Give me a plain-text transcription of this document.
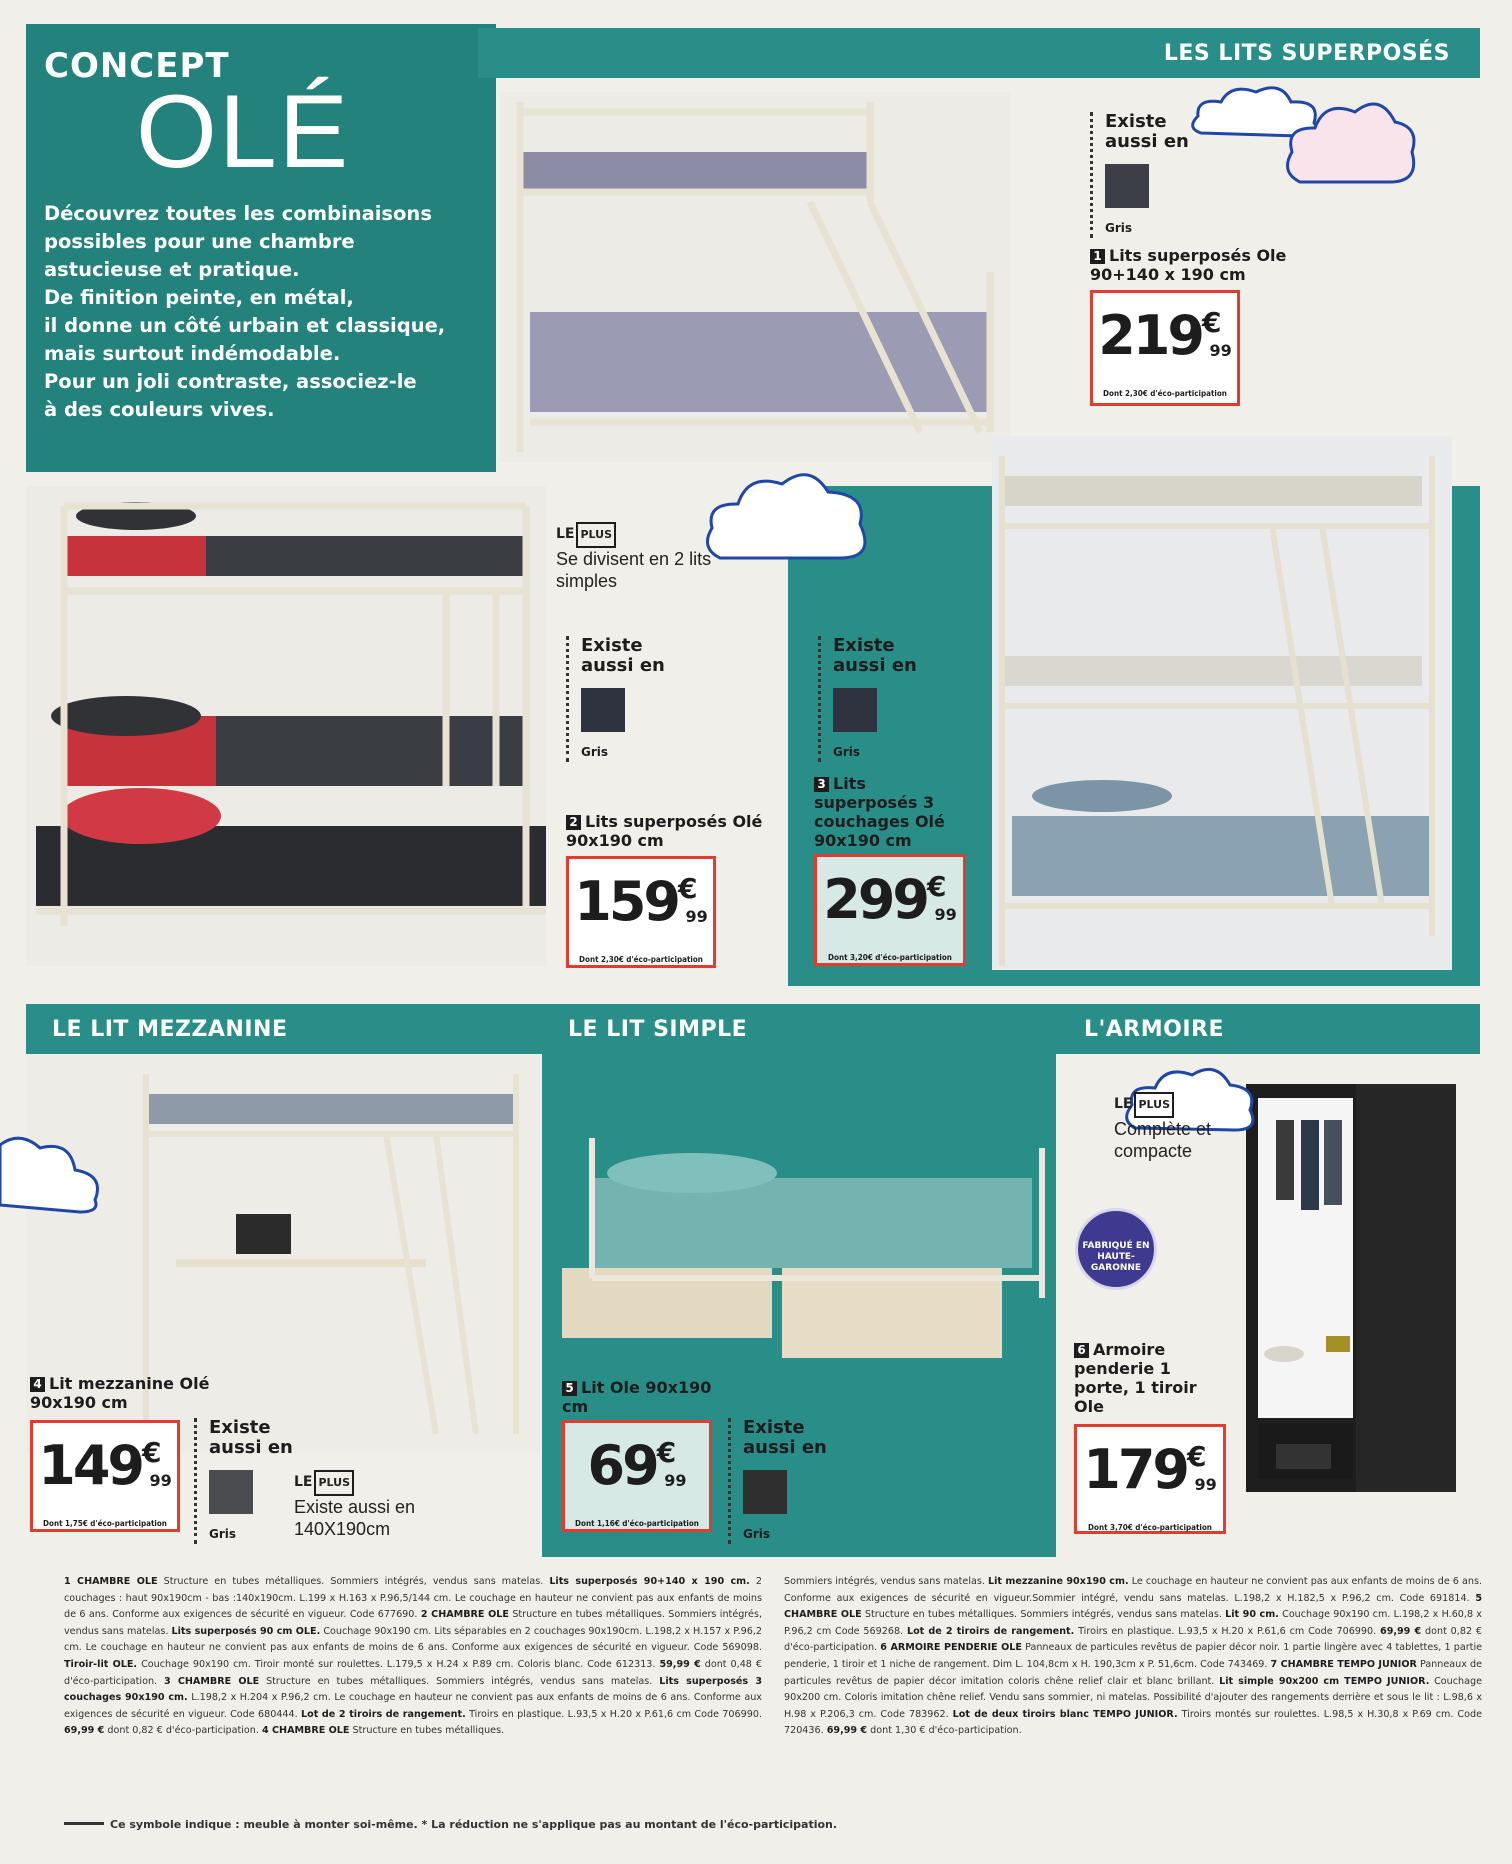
CONCEPT
OLÉ
Découvrez toutes les combinaisons
possibles pour une chambre
astucieuse et pratique.
De finition peinte, en métal,
il donne un côté urbain et classique,
mais surtout indémodable.
Pour un joli contraste, associez-le
à des couleurs vives.
LES LITS SUPERPOSÉS
LE LIT MEZZANINE	LE LIT SIMPLE	L'ARMOIRE
Existe aussi en
Gris
1 Lits superposés Ole 90+140 x 190 cm
219€99
Dont 2,30€ d'éco-participation
LE PLUS
Se divisent en 2 lits simples
Existe aussi en
Gris
2 Lits superposés Olé 90x190 cm
159€99
Dont 2,30€ d'éco-participation
Existe aussi en
Gris
3 Lits superposés 3 couchages Olé 90x190 cm
299€99
Dont 3,20€ d'éco-participation
4 Lit mezzanine Olé 90x190 cm
149€99
Dont 1,75€ d'éco-participation
Existe aussi en
Gris
LE PLUS
Existe aussi en 140X190cm
5 Lit Ole 90x190 cm
69€99
Dont 1,16€ d'éco-participation
Existe aussi en
Gris
LE PLUS
Complète et compacte
FABRIQUÉ EN HAUTE-GARONNE
6 Armoire penderie 1 porte, 1 tiroir Ole
179€99
Dont 3,70€ d'éco-participation
1 CHAMBRE OLE Structure en tubes métalliques. Sommiers intégrés, vendus sans matelas. Lits superposés 90+140 x 190 cm. 2 couchages : haut 90x190cm - bas :140x190cm. L.199 x H.163 x P.96,5/144 cm. Le couchage en hauteur ne convient pas aux enfants de moins de 6 ans. Conforme aux exigences de sécurité en vigueur. Code 677690. 2 CHAMBRE OLE Structure en tubes métalliques. Sommiers intégrés, vendus sans matelas. Lits superposés 90 cm OLE. Couchage 90x190 cm. Lits séparables en 2 couchages 90x190cm. L.198,2 x H.157 x P.96,2 cm. Le couchage en hauteur ne convient pas aux enfants de moins de 6 ans. Conforme aux exigences de sécurité en vigueur. Code 569098. Tiroir-lit OLE. Couchage 90x190 cm. Tiroir monté sur roulettes. L.179,5 x H.24 x P.89 cm. Coloris blanc. Code 612313. 59,99 € dont 0,48 € d'éco-participation. 3 CHAMBRE OLE Structure en tubes métalliques. Sommiers intégrés, vendus sans matelas. Lits superposés 3 couchages 90x190 cm. L.198,2 x H.204 x P.96,2 cm. Le couchage en hauteur ne convient pas aux enfants de moins de 6 ans. Conforme aux exigences de sécurité en vigueur. Code 680444. Lot de 2 tiroirs de rangement. Tiroirs en plastique. L.93,5 x H.20 x P.61,6 cm Code 706990. 69,99 € dont 0,82 € d'éco-participation. 4 CHAMBRE OLE Structure en tubes métalliques.
Sommiers intégrés, vendus sans matelas. Lit mezzanine 90x190 cm. Le couchage en hauteur ne convient pas aux enfants de moins de 6 ans. Conforme aux exigences de sécurité en vigueur.Sommier intégré, vendu sans matelas. L.198,2 x H.182,5 x P.96,2 cm. Code 691814. 5 CHAMBRE OLE Structure en tubes métalliques. Sommiers intégrés, vendus sans matelas. Lit 90 cm. Couchage 90x190 cm. L.198,2 x H.60,8 x P.96,2 cm Code 569268. Lot de 2 tiroirs de rangement. Tiroirs en plastique. L.93,5 x H.20 x P.61,6 cm Code 706990. 69,99 € dont 0,82 € d'éco-participation. 6 ARMOIRE PENDERIE OLE Panneaux de particules revêtus de papier décor noir. 1 partie lingère avec 4 tablettes, 1 partie penderie, 1 tiroir et 1 niche de rangement. Dim L. 104,8cm x H. 190,3cm x P. 51,6cm. Code 743469. 7 CHAMBRE TEMPO JUNIOR Panneaux de particules revêtus de papier décor imitation coloris chêne relief clair et blanc brillant. Lit simple 90x200 cm TEMPO JUNIOR. Couchage 90x200 cm. Coloris imitation chêne relief. Vendu sans sommier, ni matelas. Possibilité d'ajouter des rangements derrière et sous le lit : L.98,6 x H.98 x P.206,3 cm. Code 783962. Lot de deux tiroirs blanc TEMPO JUNIOR. Tiroirs montés sur roulettes. L.98,5 x H.30,8 x P.69 cm. Code 720436. 69,99 € dont 1,30 € d'éco-participation.
Ce symbole indique : meuble à monter soi-même. * La réduction ne s'applique pas au montant de l'éco-participation.
